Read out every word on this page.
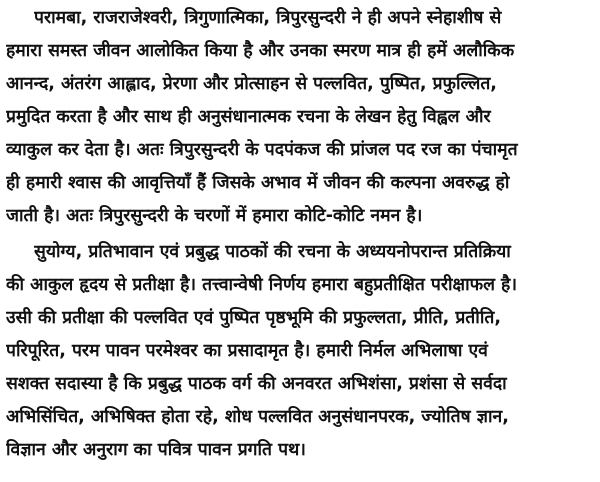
परामबा, राजराजेश्वरी, त्रिगुणात्मिका, त्रिपुरसुन्दरी ने ही अपने स्नेहाशीष से
हमारा समस्त जीवन आलोकित किया है और उनका स्मरण मात्र ही हमें अलौकिक
आनन्द, अंतरंग आह्लाद, प्रेरणा और प्रोत्साहन से पल्लवित, पुष्पित, प्रफुल्लित,
प्रमुदित करता है और साथ ही अनुसंधानात्मक रचना के लेखन हेतु विह्वल और
व्याकुल कर देता है। अतः त्रिपुरसुन्दरी के पदपंकज की प्रांजल पद रज का पंचामृत
ही हमारी श्वास की आवृत्तियाँ हैं जिसके अभाव में जीवन की कल्पना अवरुद्ध हो
जाती है। अतः त्रिपुरसुन्दरी के चरणों में हमारा कोटि-कोटि नमन है।
सुयोग्य, प्रतिभावान एवं प्रबुद्ध पाठकों की रचना के अध्ययनोपरान्त प्रतिक्रिया
की आकुल हृदय से प्रतीक्षा है। तत्त्वान्वेषी निर्णय हमारा बहुप्रतीक्षित परीक्षाफल है।
उसी की प्रतीक्षा की पल्लवित एवं पुष्पित पृष्ठभूमि की प्रफुल्लता, प्रीति, प्रतीति,
परिपूरित, परम पावन परमेश्वर का प्रसादामृत है। हमारी निर्मल अभिलाषा एवं
सशक्त सदास्या है कि प्रबुद्ध पाठक वर्ग की अनवरत अभिशंसा, प्रशंसा से सर्वदा
अभिसिंचित, अभिषिक्त होता रहे, शोध पल्लवित अनुसंधानपरक, ज्योतिष ज्ञान,
विज्ञान और अनुराग का पवित्र पावन प्रगति पथ।
